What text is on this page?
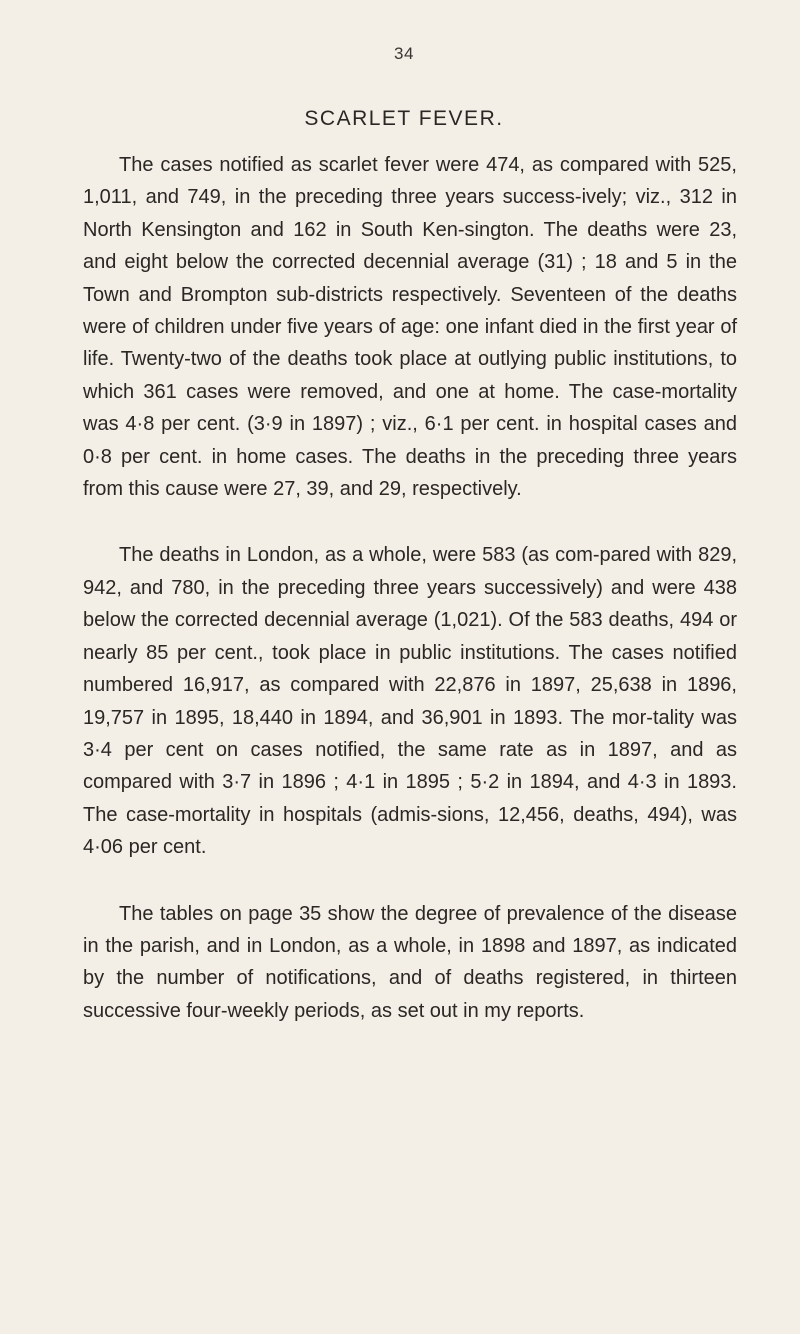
34
SCARLET FEVER.

The cases notified as scarlet fever were 474, as compared with 525, 1,011, and 749, in the preceding three years success-ively; viz., 312 in North Kensington and 162 in South Ken-sington. The deaths were 23, and eight below the corrected decennial average (31) ; 18 and 5 in the Town and Brompton sub-districts respectively. Seventeen of the deaths were of children under five years of age: one infant died in the first year of life. Twenty-two of the deaths took place at outlying public institutions, to which 361 cases were removed, and one at home. The case-mortality was 4·8 per cent. (3·9 in 1897) ; viz., 6·1 per cent. in hospital cases and 0·8 per cent. in home cases. The deaths in the preceding three years from this cause were 27, 39, and 29, respectively.

The deaths in London, as a whole, were 583 (as com-pared with 829, 942, and 780, in the preceding three years successively) and were 438 below the corrected decennial average (1,021). Of the 583 deaths, 494 or nearly 85 per cent., took place in public institutions. The cases notified numbered 16,917, as compared with 22,876 in 1897, 25,638 in 1896, 19,757 in 1895, 18,440 in 1894, and 36,901 in 1893. The mor-tality was 3·4 per cent on cases notified, the same rate as in 1897, and as compared with 3·7 in 1896 ; 4·1 in 1895 ; 5·2 in 1894, and 4·3 in 1893. The case-mortality in hospitals (admis-sions, 12,456, deaths, 494), was 4·06 per cent.

The tables on page 35 show the degree of prevalence of the disease in the parish, and in London, as a whole, in 1898 and 1897, as indicated by the number of notifications, and of deaths registered, in thirteen successive four-weekly periods, as set out in my reports.
